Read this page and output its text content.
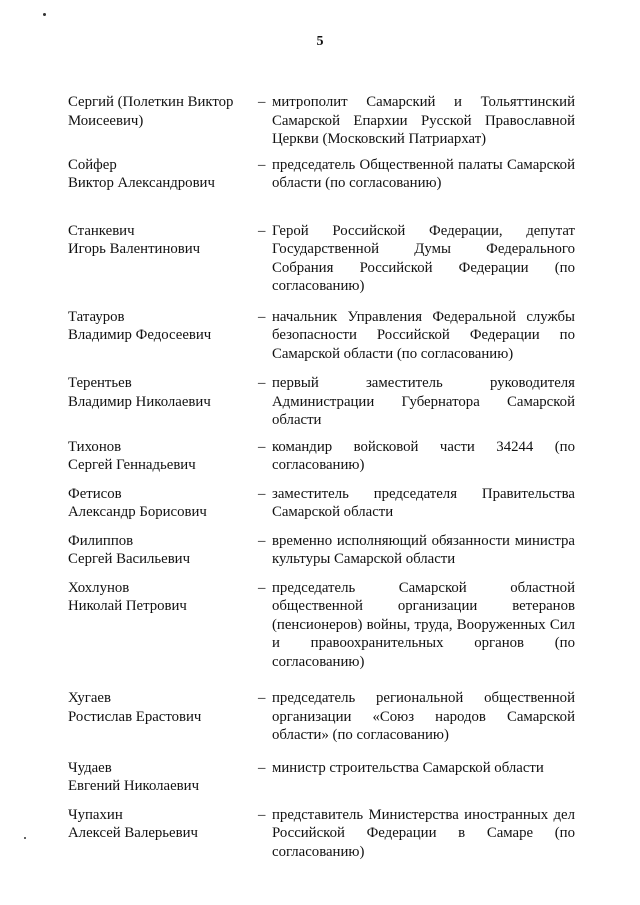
5
Сергий (Полеткин Виктор
Моисеевич)
– митрополит Самарский и Тольяттинский Самарской Епархии Русской Православной Церкви (Московский Патриархат)
Сойфер
Виктор Александрович
– председатель Общественной палаты Самарской области (по согласованию)
Станкевич
Игорь Валентинович
– Герой Российской Федерации, депутат Государственной Думы Федерального Собрания Российской Федерации (по согласованию)
Татауров
Владимир Федосеевич
– начальник Управления Федеральной службы безопасности Российской Федерации по Самарской области (по согласованию)
Терентьев
Владимир Николаевич
– первый заместитель руководителя Администрации Губернатора Самарской области
Тихонов
Сергей Геннадьевич
– командир войсковой части 34244 (по согласованию)
Фетисов
Александр Борисович
– заместитель председателя Правительства Самарской области
Филиппов
Сергей Васильевич
– временно исполняющий обязанности министра культуры Самарской области
Хохлунов
Николай Петрович
– председатель Самарской областной общественной организации ветеранов (пенсионеров) войны, труда, Вооруженных Сил и правоохранительных органов (по согласованию)
Хугаев
Ростислав Ерастович
– председатель региональной общественной организации «Союз народов Самарской области» (по согласованию)
Чудаев
Евгений Николаевич
– министр строительства Самарской области
Чупахин
Алексей Валерьевич
– представитель Министерства иностранных дел Российской Федерации в Самаре (по согласованию)
